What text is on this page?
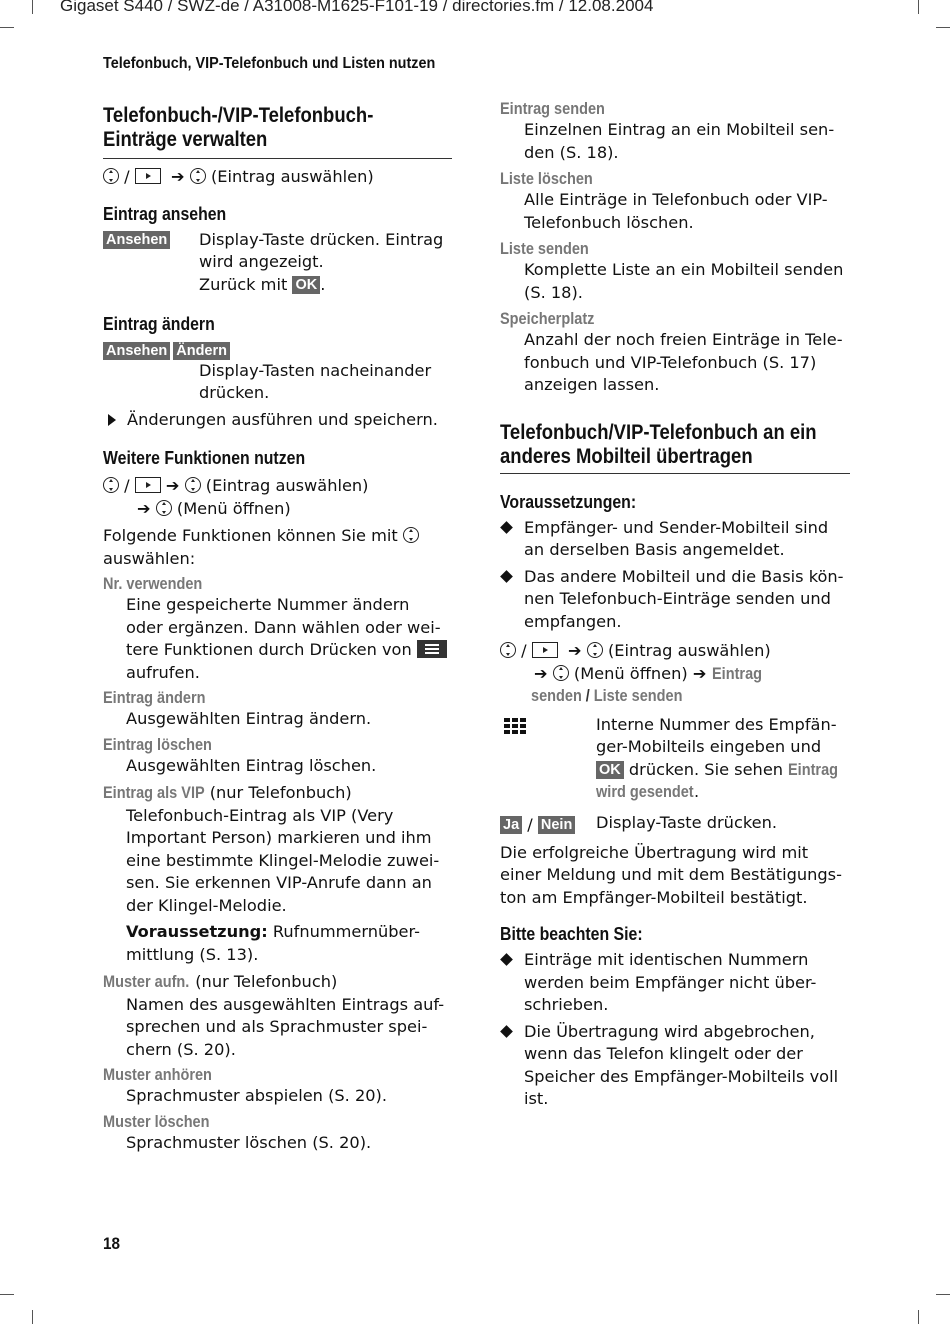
Gigaset S440 / SWZ-de / A31008-M1625-F101-19 / directories.fm / 12.08.2004
Telefonbuch, VIP-Telefonbuch und Listen nutzen
Telefonbuch-/VIP-Telefonbuch-
Einträge verwalten
/   ➔ (Eintrag auswählen)
Eintrag ansehen
Ansehen Display-Taste drücken. Eintrag
wird angezeigt.
Zurück mit OK .
Eintrag ändern
Ansehen Ändern
Display-Tasten nacheinander
drücken.
Änderungen ausführen und speichern.
Weitere Funktionen nutzen
/  ➔ (Eintrag auswählen)
➔ (Menü öffnen)
Folgende Funktionen können Sie mit
auswählen:
Nr. verwenden
Eine gespeicherte Nummer ändern
oder ergänzen. Dann wählen oder wei-
tere Funktionen durch Drücken von
aufrufen.
Eintrag ändern
Ausgewählten Eintrag ändern.
Eintrag löschen
Ausgewählten Eintrag löschen.
Eintrag als VIP (nur Telefonbuch)
Telefonbuch-Eintrag als VIP (Very
Important Person) markieren und ihm
eine bestimmte Klingel-Melodie zuwei-
sen. Sie erkennen VIP-Anrufe dann an
der Klingel-Melodie.
Voraussetzung: Rufnummernüber-
mittlung (S. 13).
Muster aufn. (nur Telefonbuch)
Namen des ausgewählten Eintrags auf-
sprechen und als Sprachmuster spei-
chern (S. 20).
Muster anhören
Sprachmuster abspielen (S. 20).
Muster löschen
Sprachmuster löschen (S. 20).
Eintrag senden
Einzelnen Eintrag an ein Mobilteil sen-
den (S. 18).
Liste löschen
Alle Einträge in Telefonbuch oder VIP-
Telefonbuch löschen.
Liste senden
Komplette Liste an ein Mobilteil senden
(S. 18).
Speicherplatz
Anzahl der noch freien Einträge in Tele-
fonbuch und VIP-Telefonbuch (S. 17)
anzeigen lassen.
Telefonbuch/VIP-Telefonbuch an ein
anderes Mobilteil übertragen
Voraussetzungen:
Empfänger- und Sender-Mobilteil sind
an derselben Basis angemeldet.
Das andere Mobilteil und die Basis kön-
nen Telefonbuch-Einträge senden und
empfangen.
/   ➔ (Eintrag auswählen)
➔ (Menü öffnen) ➔ Eintrag
senden / Liste senden
Interne Nummer des Empfän-
ger-Mobilteils eingeben und
OK drücken. Sie sehen Eintrag
wird gesendet.
Ja / Nein Display-Taste drücken.
Die erfolgreiche Übertragung wird mit
einer Meldung und mit dem Bestätigungs-
ton am Empfänger-Mobilteil bestätigt.
Bitte beachten Sie:
Einträge mit identischen Nummern
werden beim Empfänger nicht über-
schrieben.
Die Übertragung wird abgebrochen,
wenn das Telefon klingelt oder der
Speicher des Empfänger-Mobilteils voll
ist.
18
